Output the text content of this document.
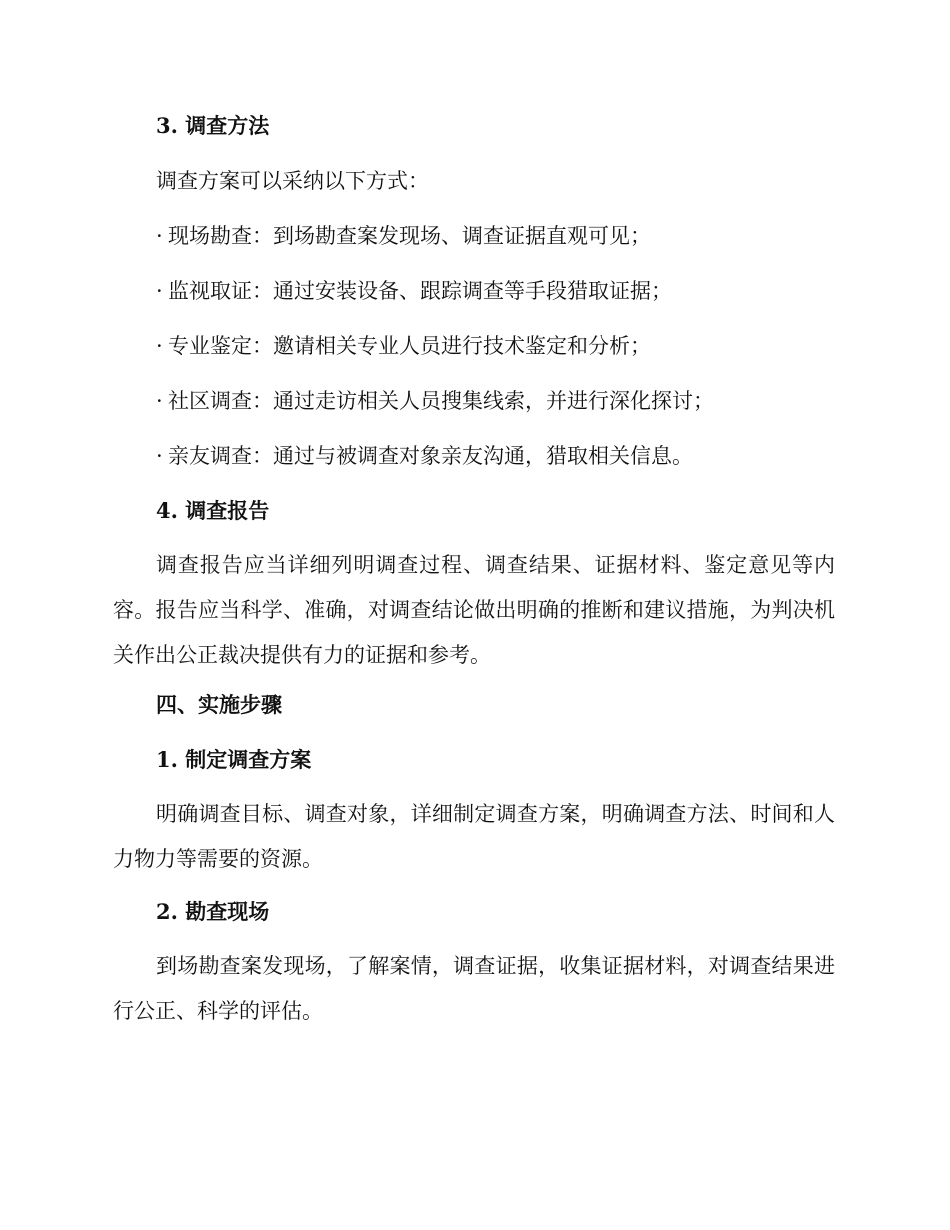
3. 调查方法
调查方案可以采纳以下方式：
· 现场勘查：到场勘查案发现场、调查证据直观可见；
· 监视取证：通过安装设备、跟踪调查等手段猎取证据；
· 专业鉴定：邀请相关专业人员进行技术鉴定和分析；
· 社区调查：通过走访相关人员搜集线索，并进行深化探讨；
· 亲友调查：通过与被调查对象亲友沟通，猎取相关信息。
4. 调查报告
调查报告应当详细列明调查过程、调查结果、证据材料、鉴定意见等内容。报告应当科学、准确，对调查结论做出明确的推断和建议措施，为判决机关作出公正裁决提供有力的证据和参考。
四、实施步骤
1. 制定调查方案
明确调查目标、调查对象，详细制定调查方案，明确调查方法、时间和人力物力等需要的资源。
2. 勘查现场
到场勘查案发现场，了解案情，调查证据，收集证据材料，对调查结果进行公正、科学的评估。
